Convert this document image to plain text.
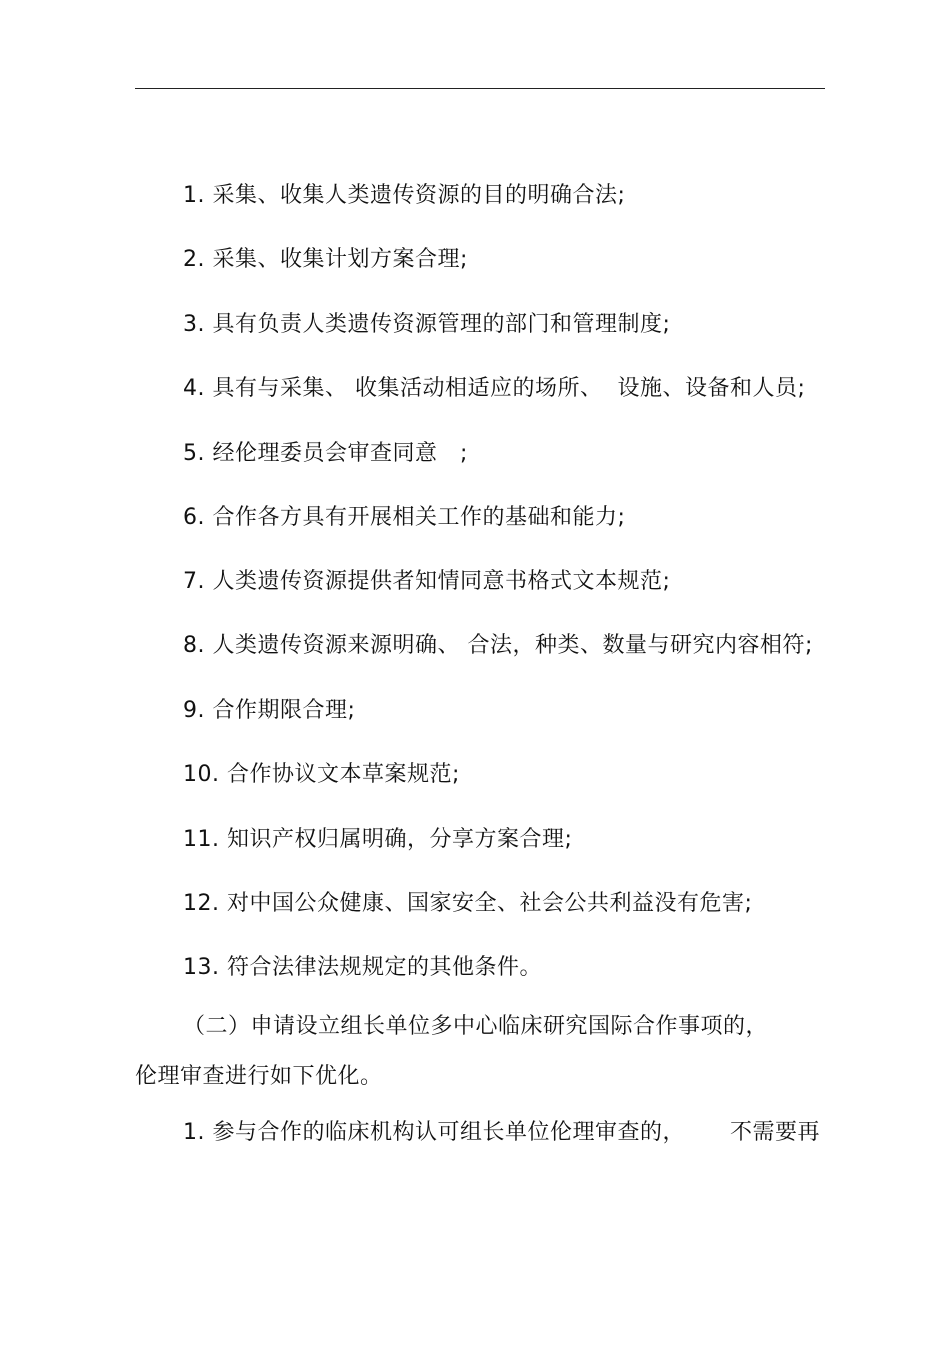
1. 采集、收集人类遗传资源的目的明确合法;
2. 采集、收集计划方案合理;
3. 具有负责人类遗传资源管理的部门和管理制度;
4. 具有与采集、 收集活动相适应的场所、  设施、设备和人员;
5. 经伦理委员会审查同意   ;
6. 合作各方具有开展相关工作的基础和能力;
7. 人类遗传资源提供者知情同意书格式文本规范;
8. 人类遗传资源来源明确、 合法，种类、数量与研究内容相符;
9. 合作期限合理;
10. 合作协议文本草案规范;
11. 知识产权归属明确，分享方案合理;
12. 对中国公众健康、国家安全、社会公共利益没有危害;
13. 符合法律法规规定的其他条件。
（二）申请设立组长单位多中心临床研究国际合作事项的，
伦理审查进行如下优化。
1. 参与合作的临床机构认可组长单位伦理审查的，      不需要再
